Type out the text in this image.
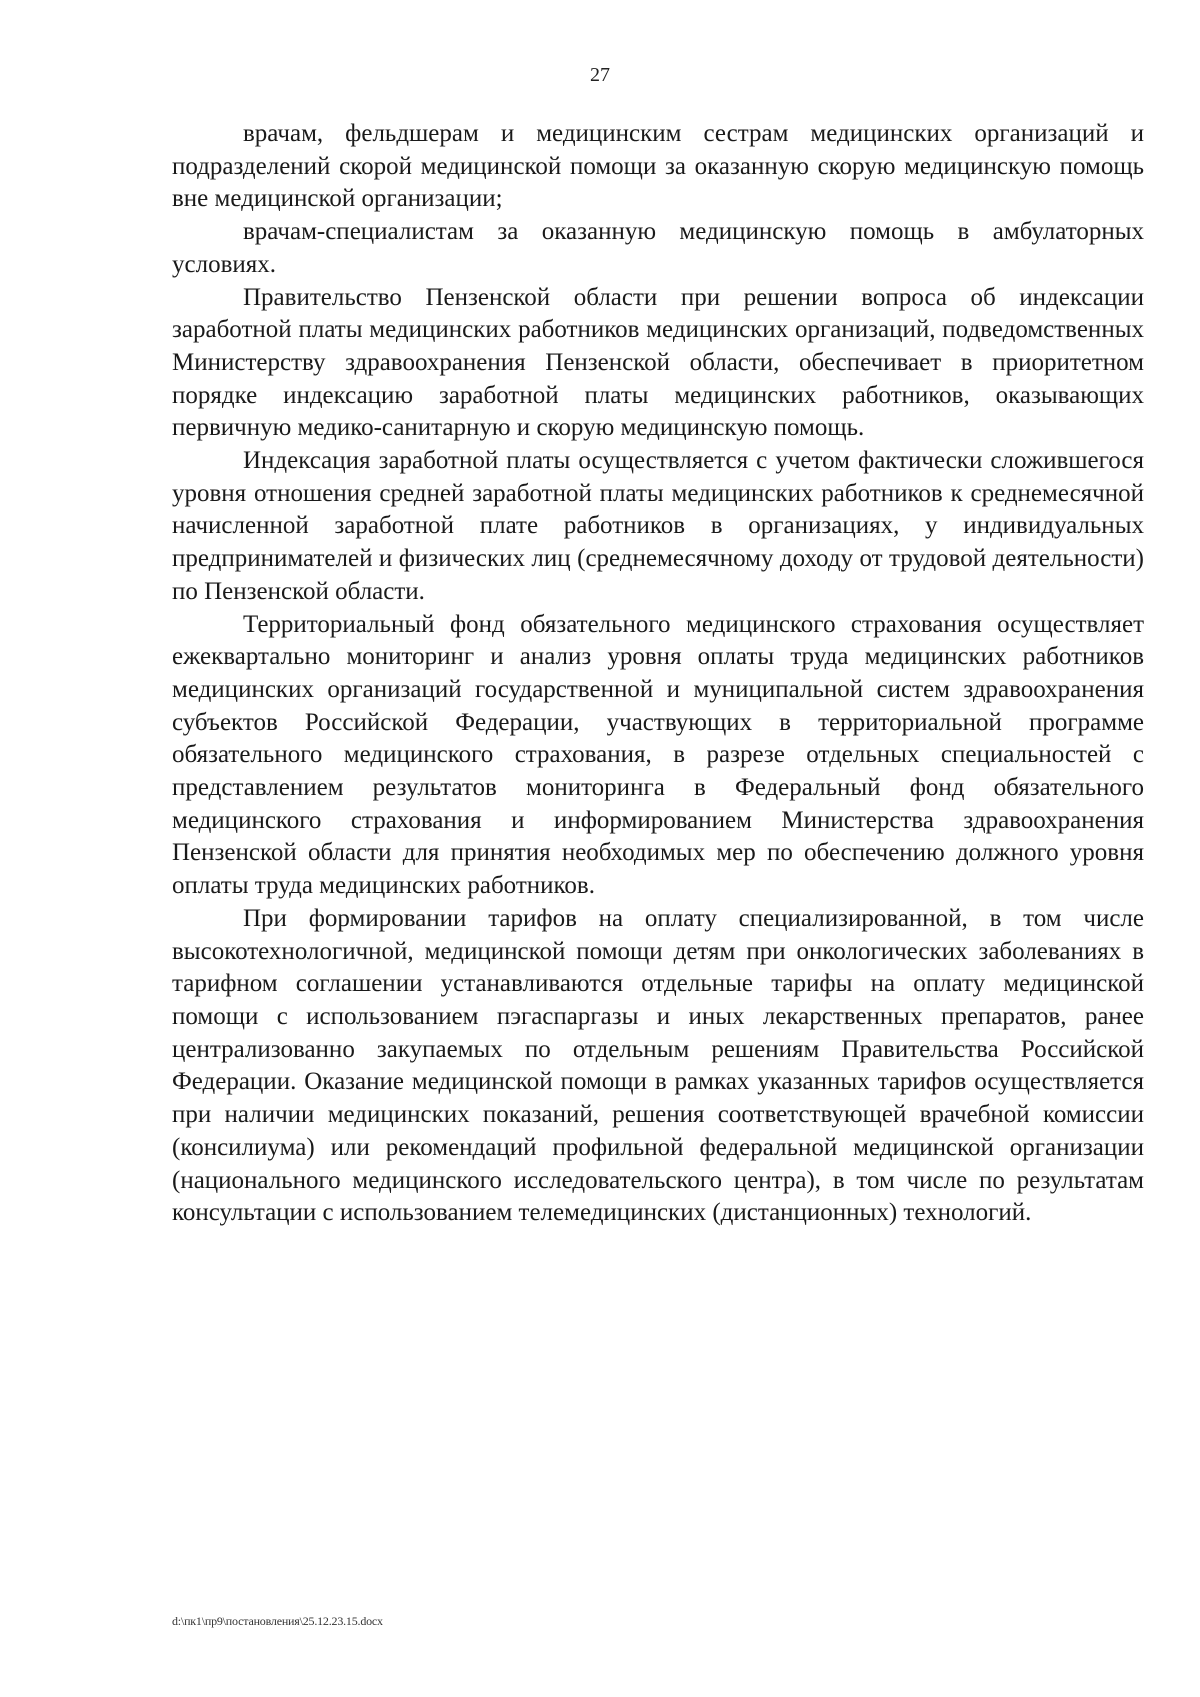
27

врачам, фельдшерам и медицинским сестрам медицинских организаций и подразделений скорой медицинской помощи за оказанную скорую медицинскую помощь вне медицинской организации;

врачам-специалистам за оказанную медицинскую помощь в амбулаторных условиях.

Правительство Пензенской области при решении вопроса об индексации заработной платы медицинских работников медицинских организаций, подведомственных Министерству здравоохранения Пензенской области, обеспечивает в приоритетном порядке индексацию заработной платы медицинских работников, оказывающих первичную медико-санитарную и скорую медицинскую помощь.

Индексация заработной платы осуществляется с учетом фактически сложившегося уровня отношения средней заработной платы медицинских работников к среднемесячной начисленной заработной плате работников в организациях, у индивидуальных предпринимателей и физических лиц (среднемесячному доходу от трудовой деятельности) по Пензенской области.

Территориальный фонд обязательного медицинского страхования осуществляет ежеквартально мониторинг и анализ уровня оплаты труда медицинских работников медицинских организаций государственной и муниципальной систем здравоохранения субъектов Российской Федерации, участвующих в территориальной программе обязательного медицинского страхования, в разрезе отдельных специальностей с представлением результатов мониторинга в Федеральный фонд обязательного медицинского страхования и информированием Министерства здравоохранения Пензенской области для принятия необходимых мер по обеспечению должного уровня оплаты труда медицинских работников.

При формировании тарифов на оплату специализированной, в том числе высокотехнологичной, медицинской помощи детям при онкологических заболеваниях в тарифном соглашении устанавливаются отдельные тарифы на оплату медицинской помощи с использованием пэгаспаргазы и иных лекарственных препаратов, ранее централизованно закупаемых по отдельным решениям Правительства Российской Федерации. Оказание медицинской помощи в рамках указанных тарифов осуществляется при наличии медицинских показаний, решения соответствующей врачебной комиссии (консилиума) или рекомендаций профильной федеральной медицинской организации (национального медицинского исследовательского центра), в том числе по результатам консультации с использованием телемедицинских (дистанционных) технологий.

d:\пк1\пр9\постановления\25.12.23.15.docx
